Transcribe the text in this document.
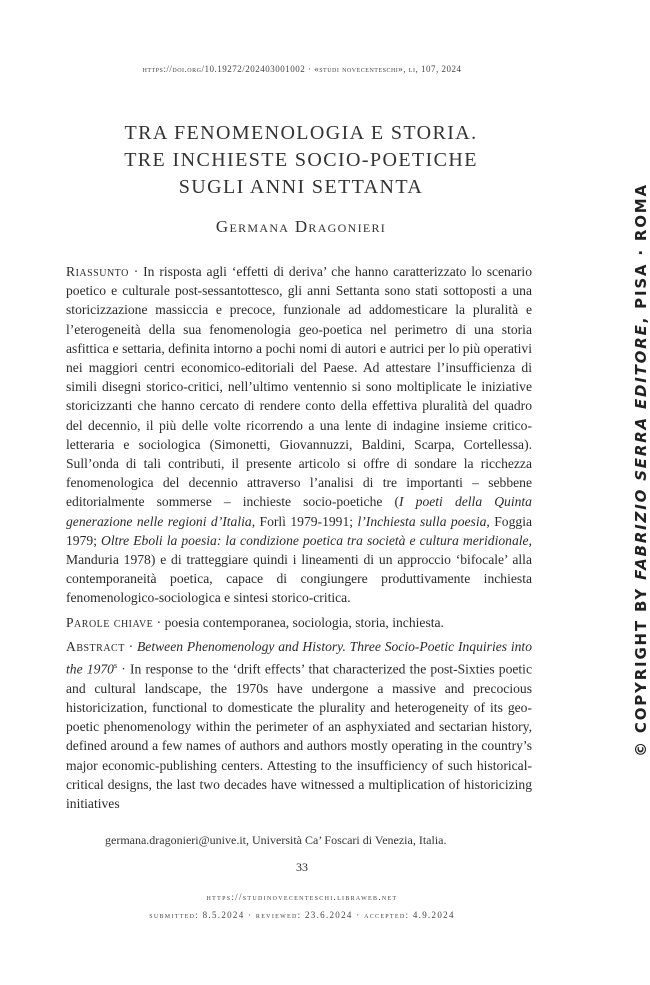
https://doi.org/10.19272/202403001002 · «studi novecenteschi», li, 107, 2024
TRA FENOMENOLOGIA E STORIA.
TRE INCHIESTE SOCIO-POETICHE
SUGLI ANNI SETTANTA
Germana Dragonieri

Riassunto · In risposta agli ‘effetti di deriva’ che hanno caratterizzato lo scenario poetico e culturale post-sessantottesco, gli anni Settanta sono stati sottoposti a una storicizzazione massiccia e precoce, funzionale ad addomesticare la pluralità e l’eterogeneità della sua fenomenologia geo-poetica nel perimetro di una storia asfittica e settaria, definita intorno a pochi nomi di autori e autrici per lo più operativi nei maggiori centri economico-editoriali del Paese. Ad attestare l’insufficienza di simili disegni storico-critici, nell’ultimo ventennio si sono moltiplicate le iniziative storicizzanti che hanno cercato di rendere conto della effettiva pluralità del quadro del decennio, il più delle volte ricorrendo a una lente di indagine insieme critico-letteraria e sociologica (Simonetti, Giovannuzzi, Baldini, Scarpa, Cortellessa). Sull’onda di tali contributi, il presente articolo si offre di sondare la ricchezza fenomenologica del decennio attraverso l’analisi di tre importanti – sebbene editorialmente sommerse – inchieste socio-poetiche (I poeti della Quinta generazione nelle regioni d’Italia, Forlì 1979-1991; l’Inchiesta sulla poesia, Foggia 1979; Oltre Eboli la poesia: la condizione poetica tra società e cultura meridionale, Manduria 1978) e di tratteggiare quindi i lineamenti di un approccio ‘bifocale’ alla contemporaneità poetica, capace di congiungere produttivamente inchiesta fenomenologico-sociologica e sintesi storico-critica.

Parole chiave · poesia contemporanea, sociologia, storia, inchiesta.

Abstract · Between Phenomenology and History. Three Socio-Poetic Inquiries into the $1970^s \cdot In$ response to the ‘drift effects’ that characterized the post-Sixties poetic and cultural landscape, the 1970s have undergone a massive and precocious historicization, functional to domesticate the plurality and heterogeneity of its geo-poetic phenomenology within the perimeter of an asphyxiated and sectarian history, defined around a few names of authors and authors mostly operating in the country’s major economic-publishing centers. Attesting to the insufficiency of such historical-critical designs, the last two decades have witnessed a multiplication of historicizing initiatives

germana.dragonieri@unive.it, Università Ca’ Foscari di Venezia, Italia.
33
https://studinovecenteschi.libraweb.net
submitted: 8.5.2024 · reviewed: 23.6.2024 · accepted: 4.9.2024
© COPYRIGHT BY FABRIZIO SERRA EDITORE, PISA · ROMA
